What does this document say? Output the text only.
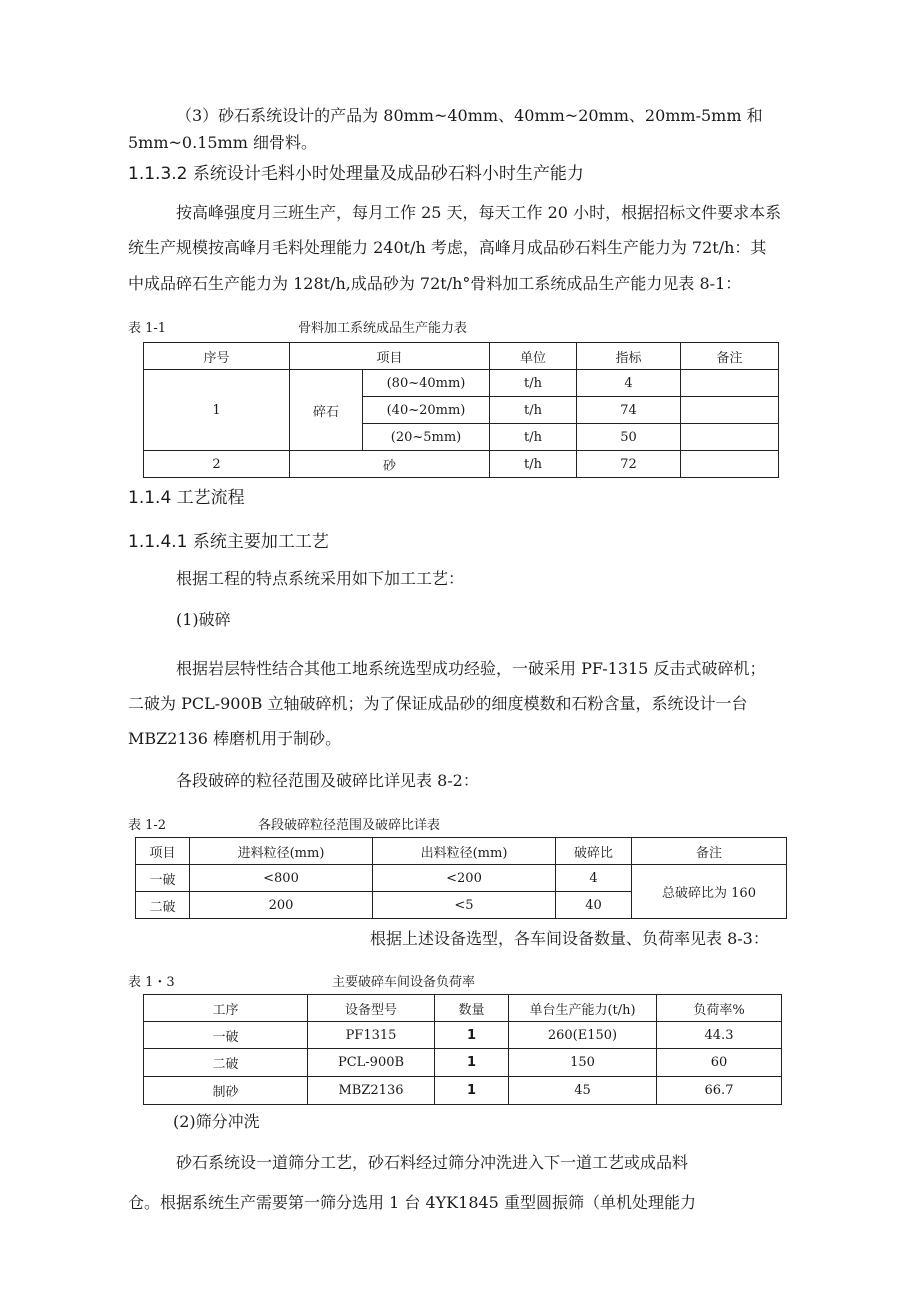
（3）砂石系统设计的产品为 80mm~40mm、40mm~20mm、20mm-5mm 和
5mm~0.15mm 细骨料。
1.1.3.2 系统设计毛料小时处理量及成品砂石料小时生产能力
按高峰强度月三班生产，每月工作 25 天，每天工作 20 小时，根据招标文件要求本系
统生产规模按高峰月毛料处理能力 240t/h 考虑，高峰月成品砂石料生产能力为 72t/h：其
中成品碎石生产能力为 128t/h,成品砂为 72t/h°骨料加工系统成品生产能力见表 8-1：
表 1-1	骨料加工系统成品生产能力表
序号	项目		单位	指标	备注
1	碎石	(80~40mm)	t/h	4	
		(40~20mm)	t/h	74	
		(20~5mm)	t/h	50	
2	砂		t/h	72	
1.1.4 工艺流程
1.1.4.1 系统主要加工工艺
根据工程的特点系统采用如下加工工艺：
(1)破碎
根据岩层特性结合其他工地系统选型成功经验，一破采用 PF-1315 反击式破碎机；
二破为 PCL-900B 立轴破碎机；为了保证成品砂的细度模数和石粉含量，系统设计一台
MBZ2136 棒磨机用于制砂。
各段破碎的粒径范围及破碎比详见表 8-2：
表 1-2	各段破碎粒径范围及破碎比详表
项目	进料粒径(mm)	出料粒径(mm)	破碎比	备注
一破	<800	<200	4	总破碎比为 160
二破	200	<5	40	
根据上述设备选型，各车间设备数量、负荷率见表 8-3：
表 1・3	主要破碎车间设备负荷率
工序	设备型号	数量	单台生产能力(t/h)	负荷率%
一破	PF1315	1	260(E150)	44.3
二破	PCL-900B	1	150	60
制砂	MBZ2136	1	45	66.7
(2)筛分冲洗
砂石系统设一道筛分工艺，砂石料经过筛分冲洗进入下一道工艺或成品料
仓。根据系统生产需要第一筛分选用 1 台 4YK1845 重型圆振筛（单机处理能力
